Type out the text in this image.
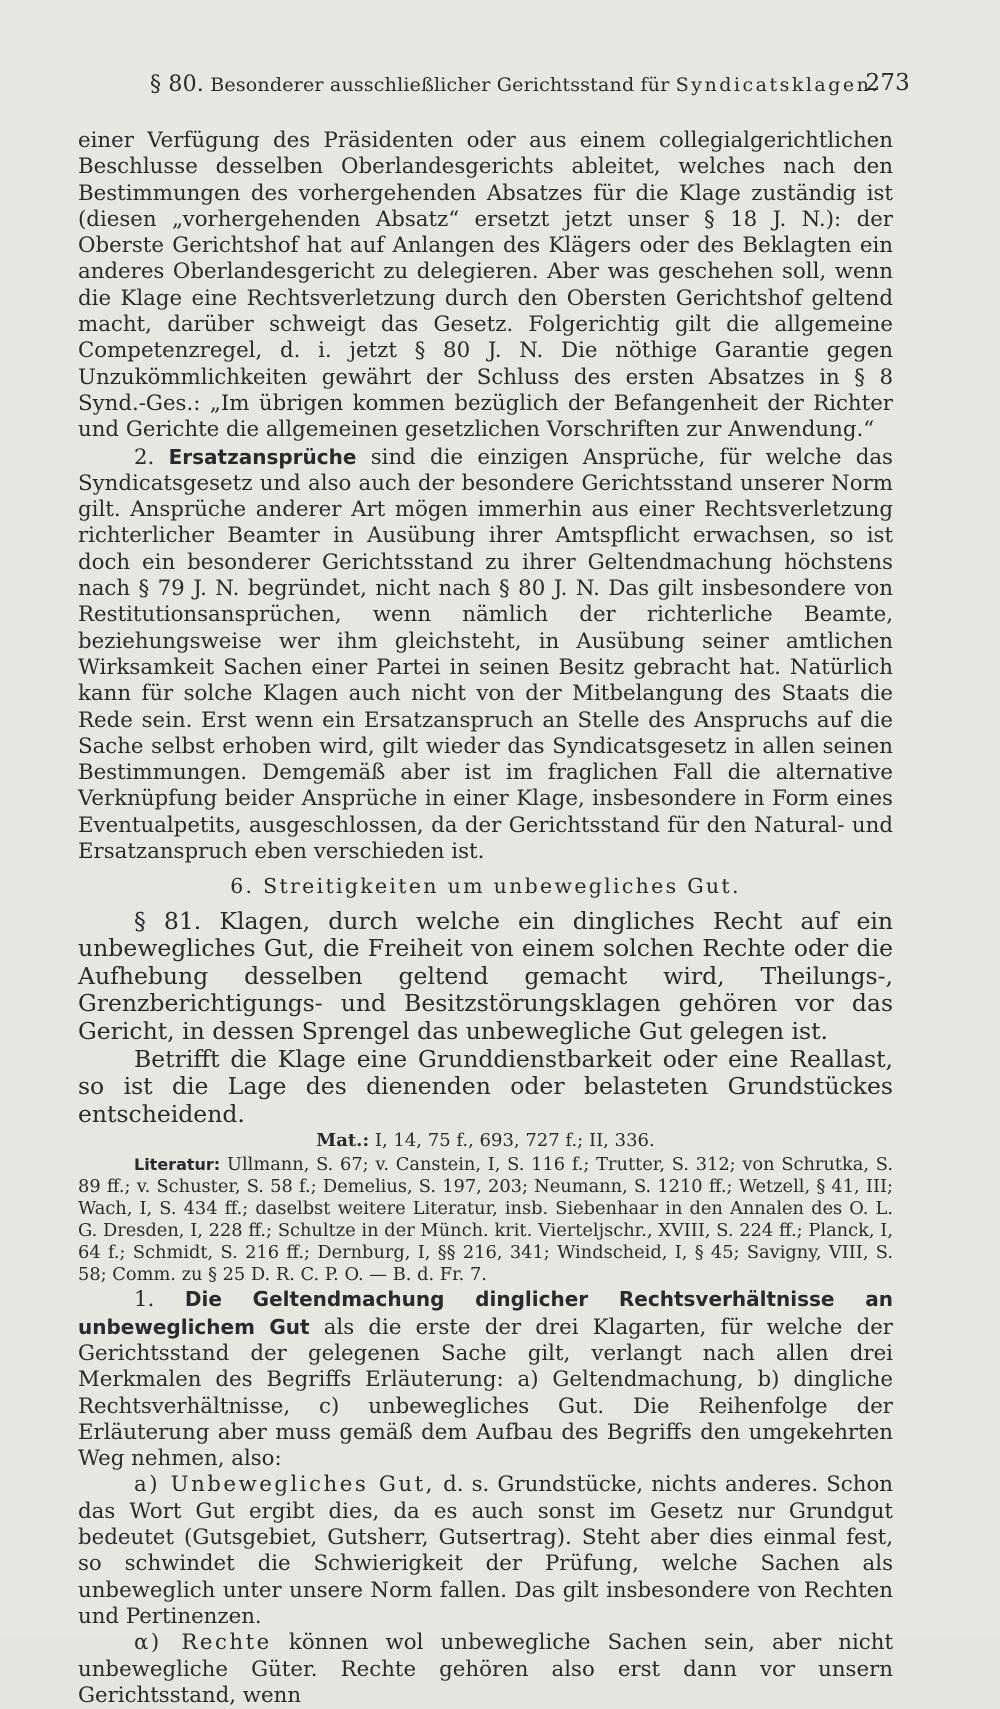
§ 80. Besonderer ausschließlicher Gerichtsstand für Syndicatsklagen.
273

einer Verfügung des Präsidenten oder aus einem collegialgerichtlichen Beschlusse desselben Oberlandesgerichts ableitet, welches nach den Bestimmungen des vorhergehenden Absatzes für die Klage zuständig ist (diesen „vorhergehenden Absatz“ ersetzt jetzt unser § 18 J. N.): der Oberste Gerichtshof hat auf Anlangen des Klägers oder des Beklagten ein anderes Oberlandesgericht zu delegieren. Aber was geschehen soll, wenn die Klage eine Rechtsverletzung durch den Obersten Gerichtshof geltend macht, darüber schweigt das Gesetz. Folgerichtig gilt die allgemeine Competenzregel, d. i. jetzt § 80 J. N. Die nöthige Garantie gegen Unzukömmlichkeiten gewährt der Schluss des ersten Absatzes in § 8 Synd.-Ges.: „Im übrigen kommen bezüglich der Befangenheit der Richter und Gerichte die allgemeinen gesetzlichen Vorschriften zur Anwendung.“

2. Ersatzansprüche sind die einzigen Ansprüche, für welche das Syndicatsgesetz und also auch der besondere Gerichtsstand unserer Norm gilt. Ansprüche anderer Art mögen immerhin aus einer Rechtsverletzung richterlicher Beamter in Ausübung ihrer Amtspflicht erwachsen, so ist doch ein besonderer Gerichtsstand zu ihrer Geltendmachung höchstens nach § 79 J. N. begründet, nicht nach § 80 J. N. Das gilt insbesondere von Restitutionsansprüchen, wenn nämlich der richterliche Beamte, beziehungsweise wer ihm gleichsteht, in Ausübung seiner amtlichen Wirksamkeit Sachen einer Partei in seinen Besitz gebracht hat. Natürlich kann für solche Klagen auch nicht von der Mitbelangung des Staats die Rede sein. Erst wenn ein Ersatzanspruch an Stelle des Anspruchs auf die Sache selbst erhoben wird, gilt wieder das Syndicatsgesetz in allen seinen Bestimmungen. Demgemäß aber ist im fraglichen Fall die alternative Verknüpfung beider Ansprüche in einer Klage, insbesondere in Form eines Eventualpetits, ausgeschlossen, da der Gerichtsstand für den Natural- und Ersatzanspruch eben verschieden ist.

6. Streitigkeiten um unbewegliches Gut.

§ 81. Klagen, durch welche ein dingliches Recht auf ein unbewegliches Gut, die Freiheit von einem solchen Rechte oder die Aufhebung desselben geltend gemacht wird, Theilungs-, Grenzberichtigungs- und Besitzstörungsklagen gehören vor das Gericht, in dessen Sprengel das unbewegliche Gut gelegen ist.

Betrifft die Klage eine Grunddienstbarkeit oder eine Reallast, so ist die Lage des dienenden oder belasteten Grundstückes entscheidend.

Mat.: I, 14, 75 f., 693, 727 f.; II, 336.

Literatur: Ullmann, S. 67; v. Canstein, I, S. 116 f.; Trutter, S. 312; von Schrutka, S. 89 ff.; v. Schuster, S. 58 f.; Demelius, S. 197, 203; Neumann, S. 1210 ff.; Wetzell, § 41, III; Wach, I, S. 434 ff.; daselbst weitere Literatur, insb. Siebenhaar in den Annalen des O. L. G. Dresden, I, 228 ff.; Schultze in der Münch. krit. Vierteljschr., XVIII, S. 224 ff.; Planck, I, 64 f.; Schmidt, S. 216 ff.; Dernburg, I, §§ 216, 341; Windscheid, I, § 45; Savigny, VIII, S. 58; Comm. zu § 25 D. R. C. P. O. — B. d. Fr. 7.

1. Die Geltendmachung dinglicher Rechtsverhältnisse an unbeweglichem Gut als die erste der drei Klagarten, für welche der Gerichtsstand der gelegenen Sache gilt, verlangt nach allen drei Merkmalen des Begriffs Erläuterung: a) Geltendmachung, b) dingliche Rechtsverhältnisse, c) unbewegliches Gut. Die Reihenfolge der Erläuterung aber muss gemäß dem Aufbau des Begriffs den umgekehrten Weg nehmen, also:

a) Unbewegliches Gut, d. s. Grundstücke, nichts anderes. Schon das Wort Gut ergibt dies, da es auch sonst im Gesetz nur Grundgut bedeutet (Gutsgebiet, Gutsherr, Gutsertrag). Steht aber dies einmal fest, so schwindet die Schwierigkeit der Prüfung, welche Sachen als unbeweglich unter unsere Norm fallen. Das gilt insbesondere von Rechten und Pertinenzen.

α) Rechte können wol unbewegliche Sachen sein, aber nicht unbewegliche Güter. Rechte gehören also erst dann vor unsern Gerichtsstand, wenn
